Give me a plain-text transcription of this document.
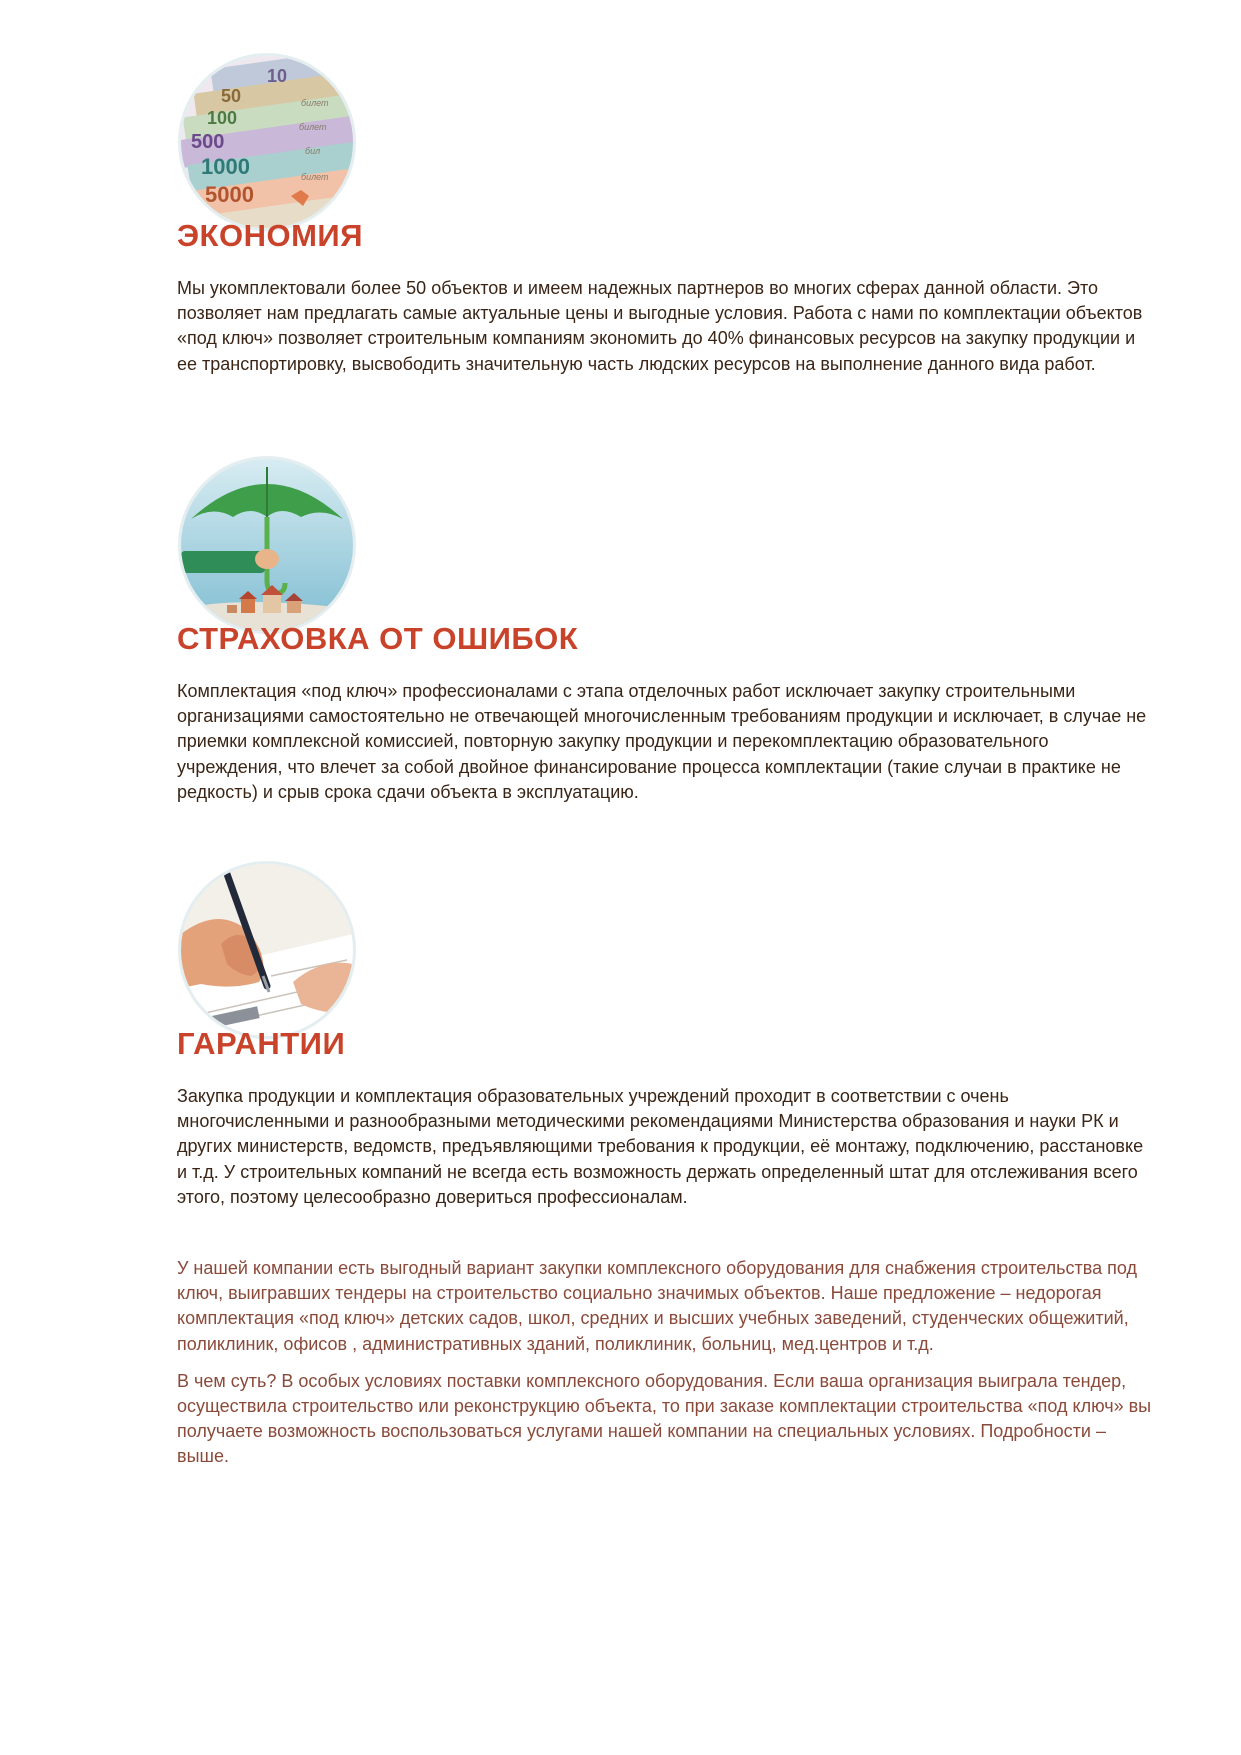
10
50
100
500
1000
5000
билет
билет
бил
билет
ЭКОНОМИЯ

Мы укомплектовали более 50 объектов и имеем надежных партнеров во многих сферах данной области. Это позволяет нам предлагать самые актуальные цены и выгодные условия. Работа с нами по комплектации объектов «под ключ» позволяет строительным компаниям экономить до 40% финансовых ресурсов на закупку продукции и ее транспортировку, высвободить значительную часть людских ресурсов на выполнение данного вида работ.

СТРАХОВКА ОТ ОШИБОК

Комплектация «под ключ» профессионалами с этапа отделочных работ исключает закупку строительными организациями самостоятельно не отвечающей многочисленным требованиям продукции и исключает, в случае не приемки комплексной комиссией, повторную закупку продукции и перекомплектацию образовательного учреждения, что влечет за собой двойное финансирование процесса комплектации (такие случаи в практике не редкость) и срыв срока сдачи объекта в эксплуатацию.

ГАРАНТИИ

Закупка продукции и комплектация образовательных учреждений проходит в соответствии с очень многочисленными и разнообразными методическими рекомендациями Министерства образования и науки РК и других министерств, ведомств, предъявляющими требования к продукции, её монтажу, подключению, расстановке и т.д. У строительных компаний не всегда есть возможность держать определенный штат для отслеживания всего этого, поэтому целесообразно довериться профессионалам.

У нашей компании есть выгодный вариант закупки комплексного оборудования для снабжения строительства под ключ, выигравших тендеры на строительство социально значимых объектов. Наше предложение – недорогая комплектация «под ключ» детских садов, школ, средних и высших учебных заведений, студенческих общежитий, поликлиник, офисов , административных зданий, поликлиник, больниц, мед.центров и т.д.

В чем суть? В особых условиях поставки комплексного оборудования. Если ваша организация выиграла тендер, осуществила строительство или реконструкцию объекта, то при заказе комплектации строительства «под ключ» вы получаете возможность воспользоваться услугами нашей компании на специальных условиях. Подробности – выше.
